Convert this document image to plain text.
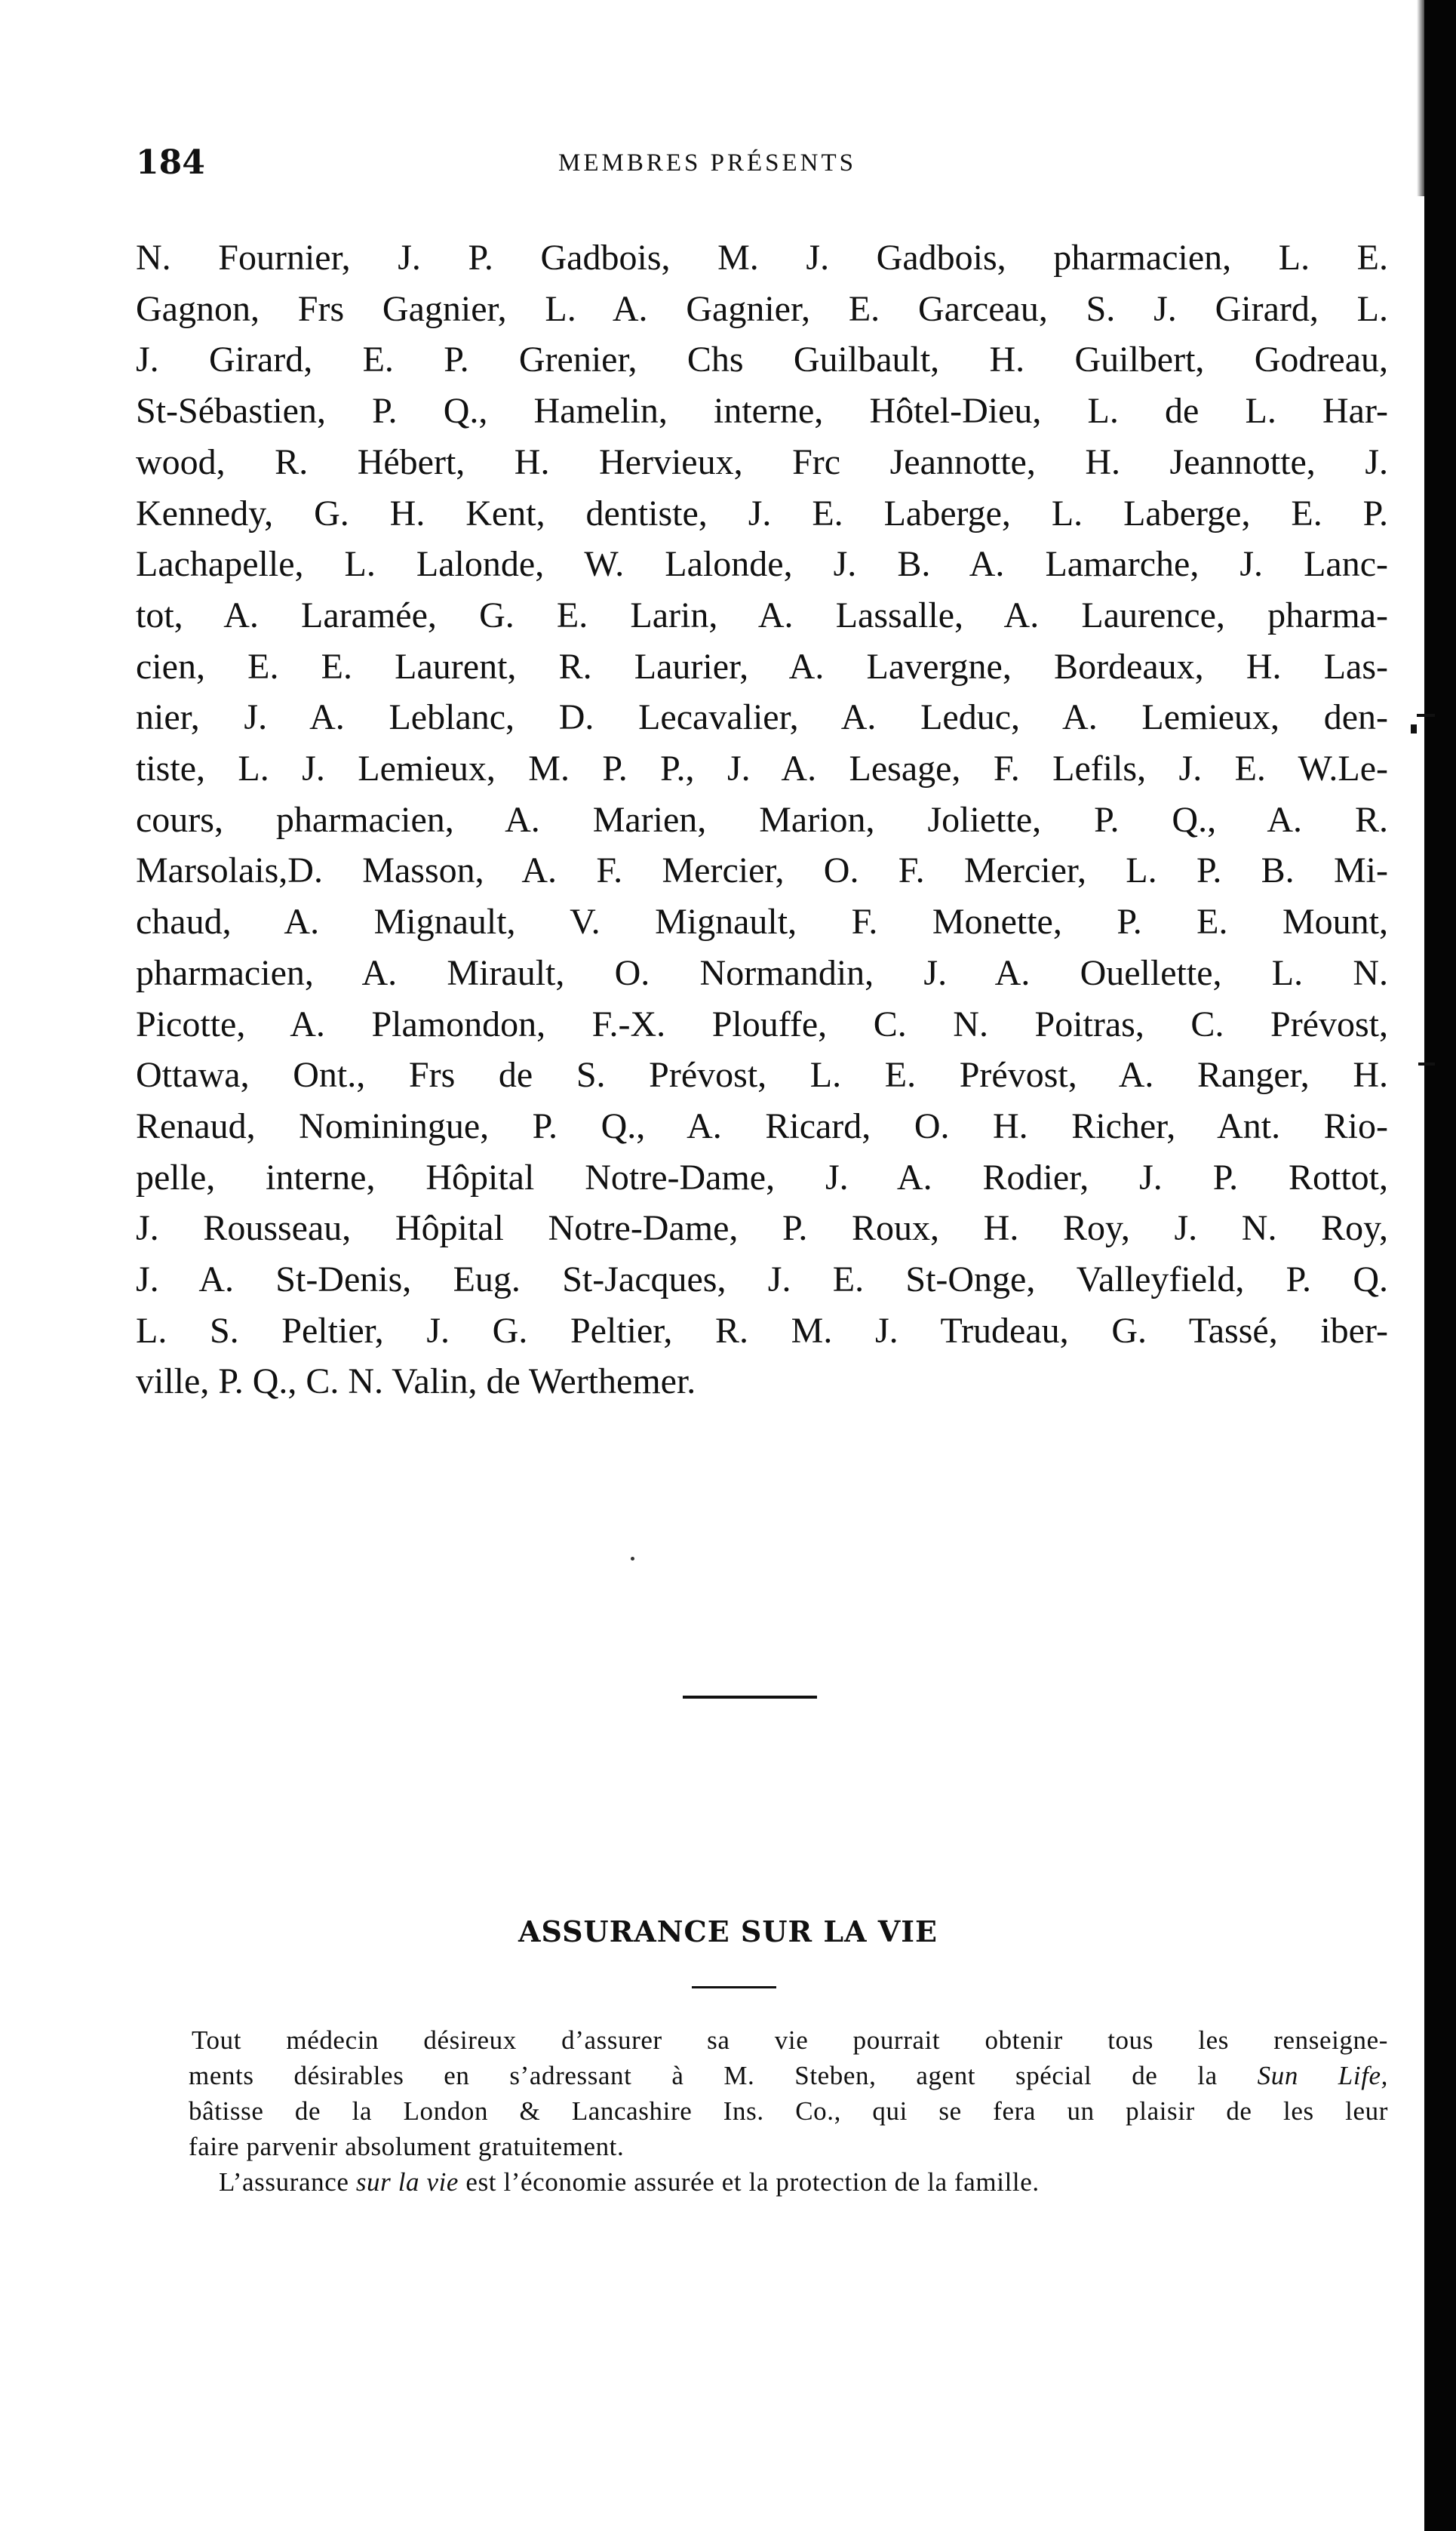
184	MEMBRES PRÉSENTS
N. Fournier, J. P. Gadbois, M. J. Gadbois, pharmacien, L. E.
Gagnon, Frs Gagnier, L. A. Gagnier, E. Garceau, S. J. Girard, L.
J. Girard, E. P. Grenier, Chs Guilbault, H. Guilbert, Godreau,
St-Sébastien, P. Q., Hamelin, interne, Hôtel-Dieu, L. de L. Har-
wood, R. Hébert, H. Hervieux, Frc Jeannotte, H. Jeannotte, J.
Kennedy, G. H. Kent, dentiste, J. E. Laberge, L. Laberge, E. P.
Lachapelle, L. Lalonde, W. Lalonde, J. B. A. Lamarche, J. Lanc-
tot, A. Laramée, G. E. Larin, A. Lassalle, A. Laurence, pharma-
cien, E. E. Laurent, R. Laurier, A. Lavergne, Bordeaux, H. Las-
nier, J. A. Leblanc, D. Lecavalier, A. Leduc, A. Lemieux, den-
tiste, L. J. Lemieux, M. P. P., J. A. Lesage, F. Lefils, J. E. W.Le-
cours, pharmacien, A. Marien, Marion, Joliette, P. Q., A. R.
Marsolais,D. Masson, A. F. Mercier, O. F. Mercier, L. P. B. Mi-
chaud, A. Mignault, V. Mignault, F. Monette, P. E. Mount,
pharmacien, A. Mirault, O. Normandin, J. A. Ouellette, L. N.
Picotte, A. Plamondon, F.-X. Plouffe, C. N. Poitras, C. Prévost,
Ottawa, Ont., Frs de S. Prévost, L. E. Prévost, A. Ranger, H.
Renaud, Nominingue, P. Q., A. Ricard, O. H. Richer, Ant. Rio-
pelle, interne, Hôpital Notre-Dame, J. A. Rodier, J. P. Rottot,
J. Rousseau, Hôpital Notre-Dame, P. Roux, H. Roy, J. N. Roy,
J. A. St-Denis, Eug. St-Jacques, J. E. St-Onge, Valleyfield, P. Q.
L. S. Peltier, J. G. Peltier, R. M. J. Trudeau, G. Tassé, iber-
ville, P. Q., C. N. Valin, de Werthemer.
ASSURANCE SUR LA VIE

Tout médecin désireux d’assurer sa vie pourrait obtenir tous les renseigne-
ments désirables en s’adressant à M. Steben, agent spécial de la Sun Life,
bâtisse de la London & Lancashire Ins. Co., qui se fera un plaisir de les leur
faire parvenir absolument gratuitement.

L’assurance sur la vie est l’économie assurée et la protection de la famille.
